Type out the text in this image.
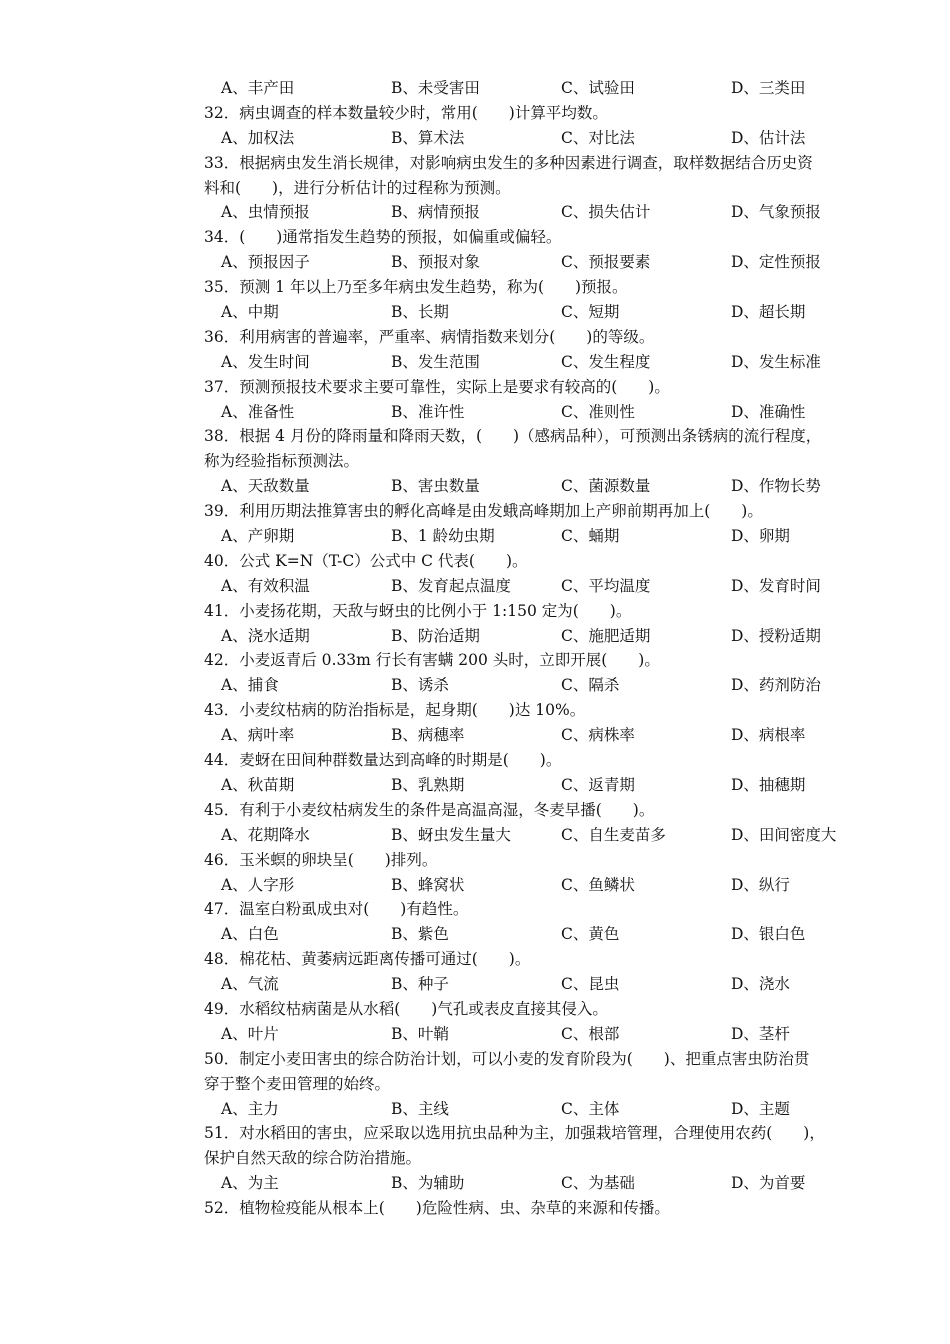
A、丰产田	B、未受害田	C、试验田	D、三类田
32．病虫调查的样本数量较少时，常用(　　)计算平均数。
A、加权法	B、算术法	C、对比法	D、估计法
33．根据病虫发生消长规律，对影响病虫发生的多种因素进行调查，取样数据结合历史资
料和(　　)，进行分析估计的过程称为预测。
A、虫情预报	B、病情预报	C、损失估计	D、气象预报
34．(　　)通常指发生趋势的预报，如偏重或偏轻。
A、预报因子	B、预报对象	C、预报要素	D、定性预报
35．预测 1 年以上乃至多年病虫发生趋势，称为(　　)预报。
A、中期	B、长期	C、短期	D、超长期
36．利用病害的普遍率，严重率、病情指数来划分(　　)的等级。
A、发生时间	B、发生范围	C、发生程度	D、发生标准
37．预测预报技术要求主要可靠性，实际上是要求有较高的(　　)。
A、准备性	B、准许性	C、准则性	D、准确性
38．根据 4 月份的降雨量和降雨天数，(　　)（感病品种），可预测出条锈病的流行程度，
称为经验指标预测法。
A、天敌数量	B、害虫数量	C、菌源数量	D、作物长势
39．利用历期法推算害虫的孵化高峰是由发蛾高峰期加上产卵前期再加上(　　)。
A、产卵期	B、1 龄幼虫期	C、蛹期	D、卵期
40．公式 K=N（T-C）公式中 C 代表(　　)。
A、有效积温	B、发育起点温度	C、平均温度	D、发育时间
41．小麦扬花期，天敌与蚜虫的比例小于 1:150 定为(　　)。
A、浇水适期	B、防治适期	C、施肥适期	D、授粉适期
42．小麦返青后 0.33m 行长有害螨 200 头时，立即开展(　　)。
A、捕食	B、诱杀	C、隔杀	D、药剂防治
43．小麦纹枯病的防治指标是，起身期(　　)达 10%。
A、病叶率	B、病穗率	C、病株率	D、病根率
44．麦蚜在田间种群数量达到高峰的时期是(　　)。
A、秋苗期	B、乳熟期	C、返青期	D、抽穗期
45．有利于小麦纹枯病发生的条件是高温高湿，冬麦早播(　　)。
A、花期降水	B、蚜虫发生量大	C、自生麦苗多	D、田间密度大
46．玉米螟的卵块呈(　　)排列。
A、人字形	B、蜂窝状	C、鱼鳞状	D、纵行
47．温室白粉虱成虫对(　　)有趋性。
A、白色	B、紫色	C、黄色	D、银白色
48．棉花枯、黄萎病远距离传播可通过(　　)。
A、气流	B、种子	C、昆虫	D、浇水
49．水稻纹枯病菌是从水稻(　　)气孔或表皮直接其侵入。
A、叶片	B、叶鞘	C、根部	D、茎杆
50．制定小麦田害虫的综合防治计划，可以小麦的发育阶段为(　　)、把重点害虫防治贯
穿于整个麦田管理的始终。
A、主力	B、主线	C、主体	D、主题
51．对水稻田的害虫，应采取以选用抗虫品种为主，加强栽培管理，合理使用农药(　　)，
保护自然天敌的综合防治措施。
A、为主	B、为辅助	C、为基础	D、为首要
52．植物检疫能从根本上(　　)危险性病、虫、杂草的来源和传播。
